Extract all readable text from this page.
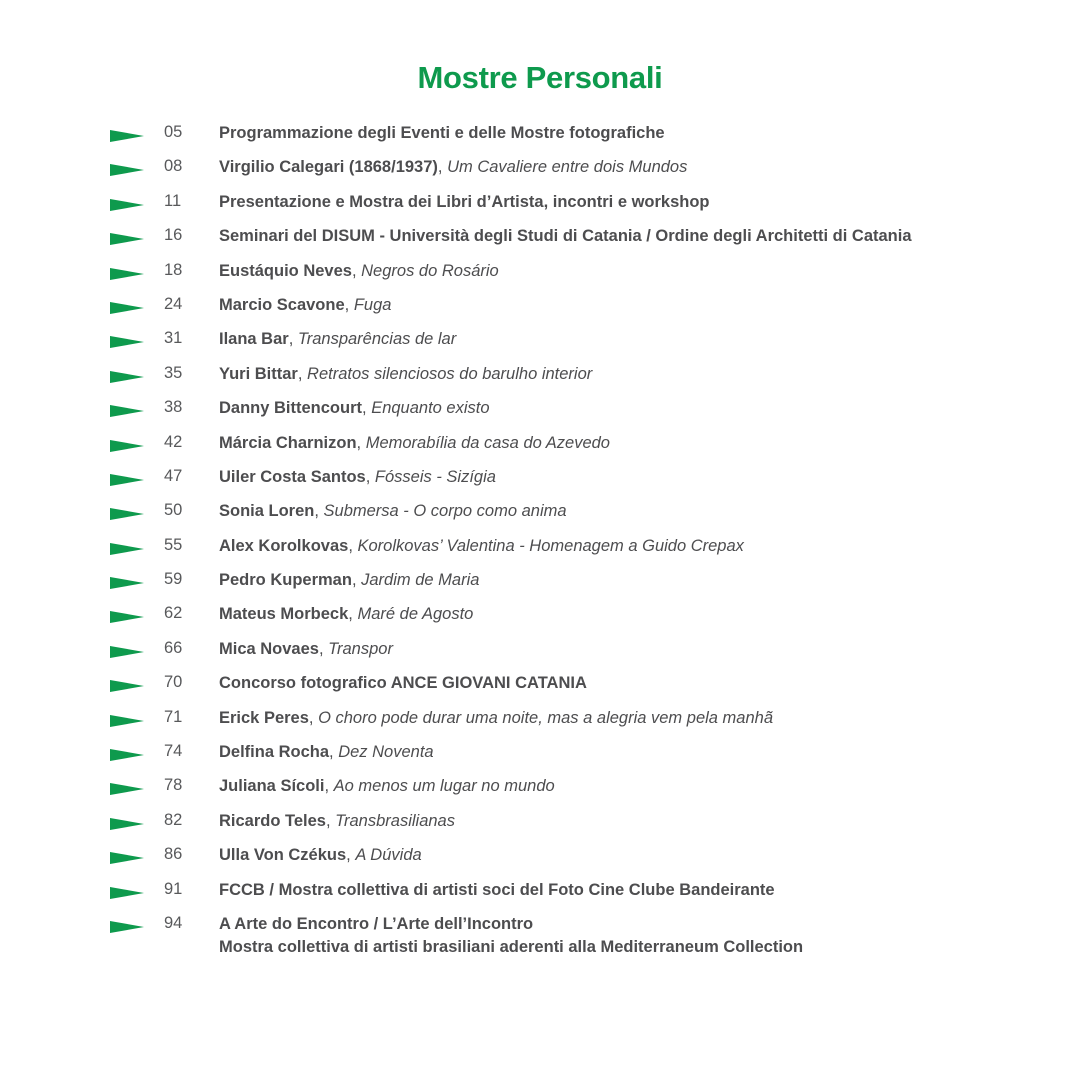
Mostre Personali
05 Programmazione degli Eventi e delle Mostre fotografiche
08 Virgilio Calegari (1868/1937), Um Cavaliere entre dois Mundos
11 Presentazione e Mostra dei Libri d’Artista, incontri e workshop
16 Seminari del DISUM - Università degli Studi di Catania / Ordine degli Architetti di Catania
18 Eustáquio Neves, Negros do Rosário
24 Marcio Scavone, Fuga
31 Ilana Bar, Transparências de lar
35 Yuri Bittar, Retratos silenciosos do barulho interior
38 Danny Bittencourt, Enquanto existo
42 Márcia Charnizon, Memorabília da casa do Azevedo
47 Uiler Costa Santos, Fósseis - Sizígia
50 Sonia Loren, Submersa - O corpo como anima
55 Alex Korolkovas, Korolkovas’ Valentina - Homenagem a Guido Crepax
59 Pedro Kuperman, Jardim de Maria
62 Mateus Morbeck, Maré de Agosto
66 Mica Novaes, Transpor
70 Concorso fotografico ANCE GIOVANI CATANIA
71 Erick Peres, O choro pode durar uma noite, mas a alegria vem pela manhã
74 Delfina Rocha, Dez Noventa
78 Juliana Sícoli, Ao menos um lugar no mundo
82 Ricardo Teles, Transbrasilianas
86 Ulla Von Czékus, A Dúvida
91 FCCB / Mostra collettiva di artisti soci del Foto Cine Clube Bandeirante
94 A Arte do Encontro / L’Arte dell’Incontro
Mostra collettiva di artisti brasiliani aderenti alla Mediterraneum Collection
